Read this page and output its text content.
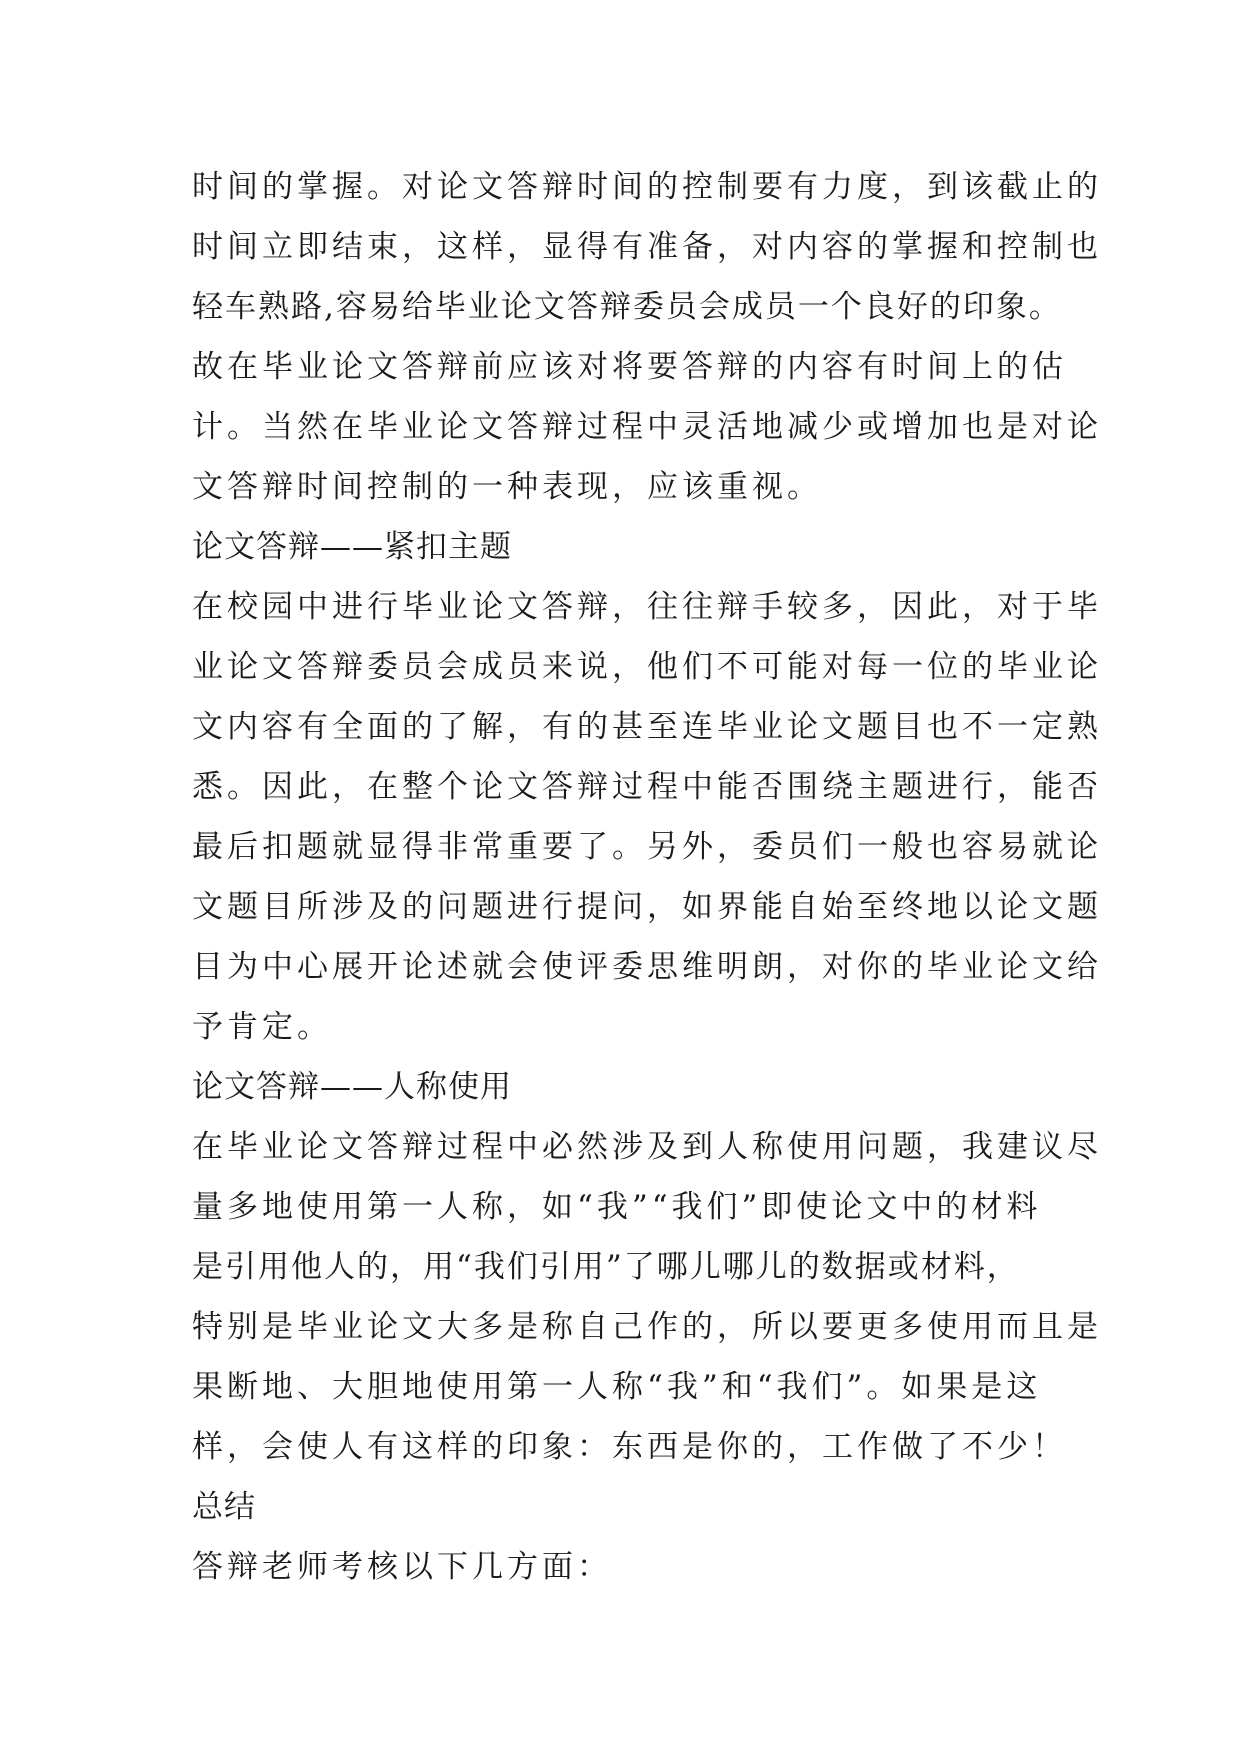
时间的掌握。对论文答辩时间的控制要有力度，到该截止的
时间立即结束，这样，显得有准备，对内容的掌握和控制也
轻车熟路,容易给毕业论文答辩委员会成员一个良好的印象。
故在毕业论文答辩前应该对将要答辩的内容有时间上的估
计。当然在毕业论文答辩过程中灵活地减少或增加也是对论
文答辩时间控制的一种表现，应该重视。
论文答辩——紧扣主题
在校园中进行毕业论文答辩，往往辩手较多，因此，对于毕
业论文答辩委员会成员来说，他们不可能对每一位的毕业论
文内容有全面的了解，有的甚至连毕业论文题目也不一定熟
悉。因此，在整个论文答辩过程中能否围绕主题进行，能否
最后扣题就显得非常重要了。另外，委员们一般也容易就论
文题目所涉及的问题进行提问，如界能自始至终地以论文题
目为中心展开论述就会使评委思维明朗，对你的毕业论文给
予肯定。
论文答辩——人称使用
在毕业论文答辩过程中必然涉及到人称使用问题，我建议尽
量多地使用第一人称，如“我”“我们”即使论文中的材料
是引用他人的，用“我们引用”了哪儿哪儿的数据或材料，
特别是毕业论文大多是称自己作的，所以要更多使用而且是
果断地、大胆地使用第一人称“我”和“我们”。如果是这
样，会使人有这样的印象：东西是你的，工作做了不少！
总结
答辩老师考核以下几方面：
